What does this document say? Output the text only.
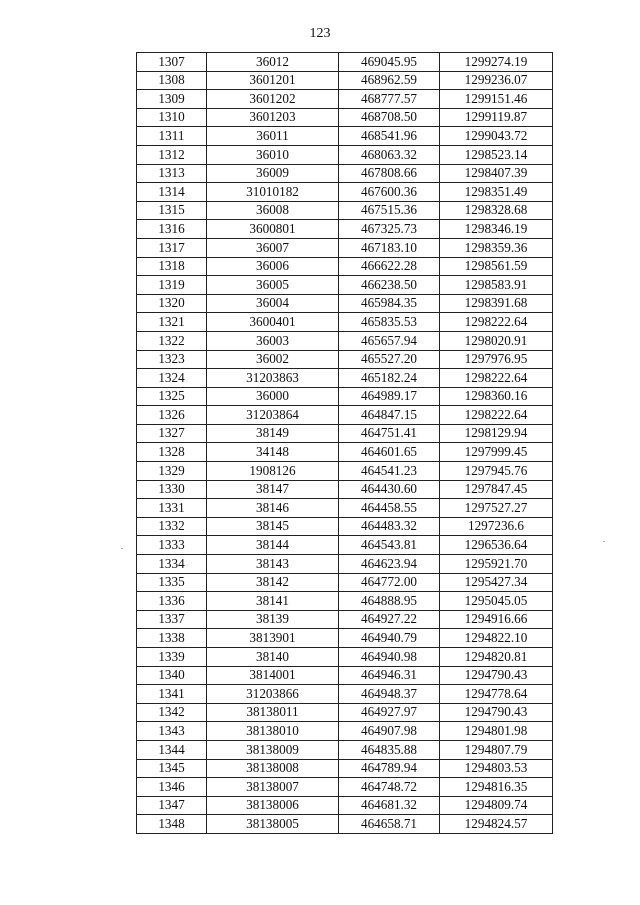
123
1307	36012	469045.95	1299274.19
1308	3601201	468962.59	1299236.07
1309	3601202	468777.57	1299151.46
1310	3601203	468708.50	1299119.87
1311	36011	468541.96	1299043.72
1312	36010	468063.32	1298523.14
1313	36009	467808.66	1298407.39
1314	31010182	467600.36	1298351.49
1315	36008	467515.36	1298328.68
1316	3600801	467325.73	1298346.19
1317	36007	467183.10	1298359.36
1318	36006	466622.28	1298561.59
1319	36005	466238.50	1298583.91
1320	36004	465984.35	1298391.68
1321	3600401	465835.53	1298222.64
1322	36003	465657.94	1298020.91
1323	36002	465527.20	1297976.95
1324	31203863	465182.24	1298222.64
1325	36000	464989.17	1298360.16
1326	31203864	464847.15	1298222.64
1327	38149	464751.41	1298129.94
1328	34148	464601.65	1297999.45
1329	1908126	464541.23	1297945.76
1330	38147	464430.60	1297847.45
1331	38146	464458.55	1297527.27
1332	38145	464483.32	1297236.6
1333	38144	464543.81	1296536.64
1334	38143	464623.94	1295921.70
1335	38142	464772.00	1295427.34
1336	38141	464888.95	1295045.05
1337	38139	464927.22	1294916.66
1338	3813901	464940.79	1294822.10
1339	38140	464940.98	1294820.81
1340	3814001	464946.31	1294790.43
1341	31203866	464948.37	1294778.64
1342	38138011	464927.97	1294790.43
1343	38138010	464907.98	1294801.98
1344	38138009	464835.88	1294807.79
1345	38138008	464789.94	1294803.53
1346	38138007	464748.72	1294816.35
1347	38138006	464681.32	1294809.74
1348	38138005	464658.71	1294824.57
